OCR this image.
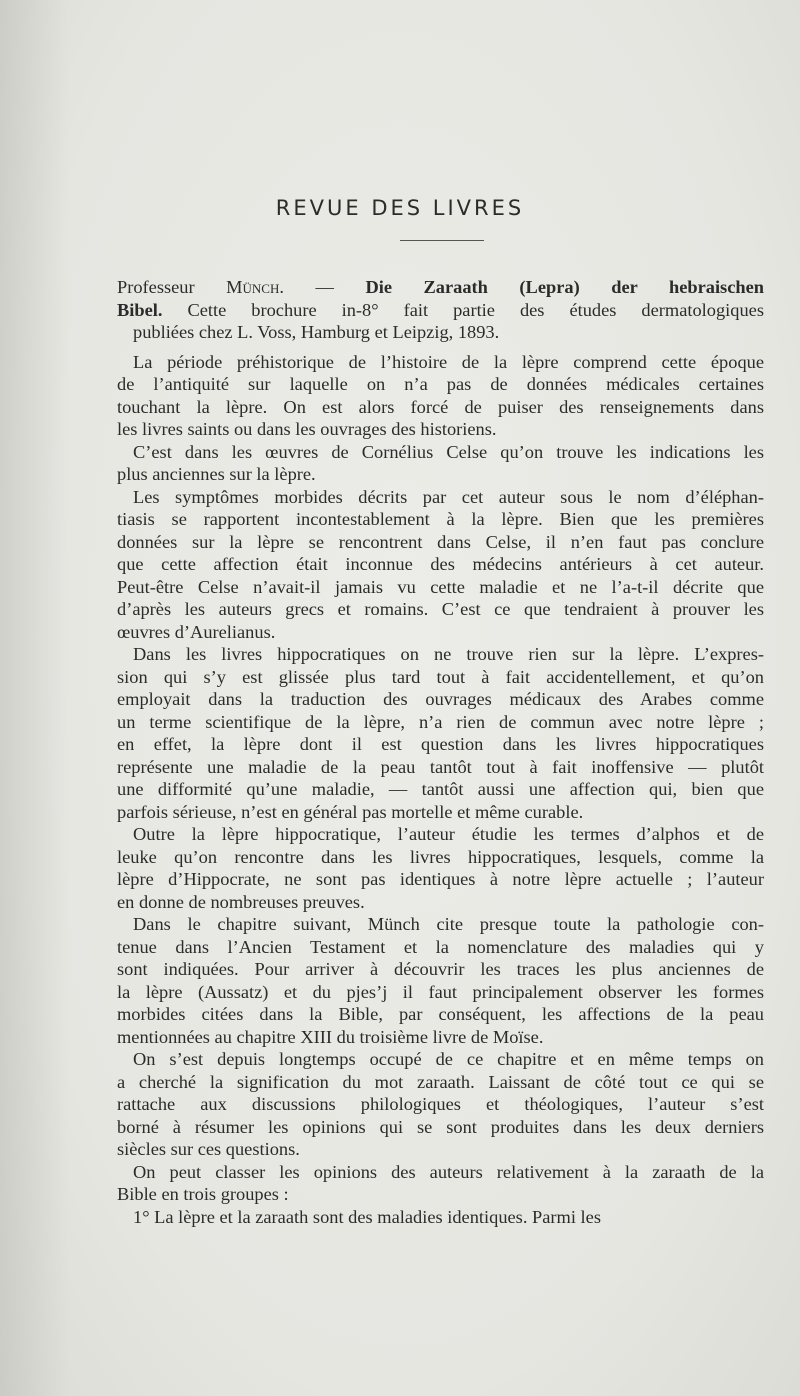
REVUE DES LIVRES
Professeur Münch. — Die Zaraath (Lepra) der hebraischen
Bibel. Cette brochure in-8° fait partie des études dermatologiques
publiées chez L. Voss, Hamburg et Leipzig, 1893.
La période préhistorique de l’histoire de la lèpre comprend cette époque
de l’antiquité sur laquelle on n’a pas de données médicales certaines
touchant la lèpre. On est alors forcé de puiser des renseignements dans
les livres saints ou dans les ouvrages des historiens.
C’est dans les œuvres de Cornélius Celse qu’on trouve les indications les
plus anciennes sur la lèpre.
Les symptômes morbides décrits par cet auteur sous le nom d’éléphan-
tiasis se rapportent incontestablement à la lèpre. Bien que les premières
données sur la lèpre se rencontrent dans Celse, il n’en faut pas conclure
que cette affection était inconnue des médecins antérieurs à cet auteur.
Peut-être Celse n’avait-il jamais vu cette maladie et ne l’a-t-il décrite que
d’après les auteurs grecs et romains. C’est ce que tendraient à prouver les
œuvres d’Aurelianus.
Dans les livres hippocratiques on ne trouve rien sur la lèpre. L’expres-
sion qui s’y est glissée plus tard tout à fait accidentellement, et qu’on
employait dans la traduction des ouvrages médicaux des Arabes comme
un terme scientifique de la lèpre, n’a rien de commun avec notre lèpre ;
en effet, la lèpre dont il est question dans les livres hippocratiques
représente une maladie de la peau tantôt tout à fait inoffensive — plutôt
une difformité qu’une maladie, — tantôt aussi une affection qui, bien que
parfois sérieuse, n’est en général pas mortelle et même curable.
Outre la lèpre hippocratique, l’auteur étudie les termes d’alphos et de
leuke qu’on rencontre dans les livres hippocratiques, lesquels, comme la
lèpre d’Hippocrate, ne sont pas identiques à notre lèpre actuelle ; l’auteur
en donne de nombreuses preuves.
Dans le chapitre suivant, Münch cite presque toute la pathologie con-
tenue dans l’Ancien Testament et la nomenclature des maladies qui y
sont indiquées. Pour arriver à découvrir les traces les plus anciennes de
la lèpre (Aussatz) et du pjes’j il faut principalement observer les formes
morbides citées dans la Bible, par conséquent, les affections de la peau
mentionnées au chapitre XIII du troisième livre de Moïse.
On s’est depuis longtemps occupé de ce chapitre et en même temps on
a cherché la signification du mot zaraath. Laissant de côté tout ce qui se
rattache aux discussions philologiques et théologiques, l’auteur s’est
borné à résumer les opinions qui se sont produites dans les deux derniers
siècles sur ces questions.
On peut classer les opinions des auteurs relativement à la zaraath de la
Bible en trois groupes :
1° La lèpre et la zaraath sont des maladies identiques. Parmi les
